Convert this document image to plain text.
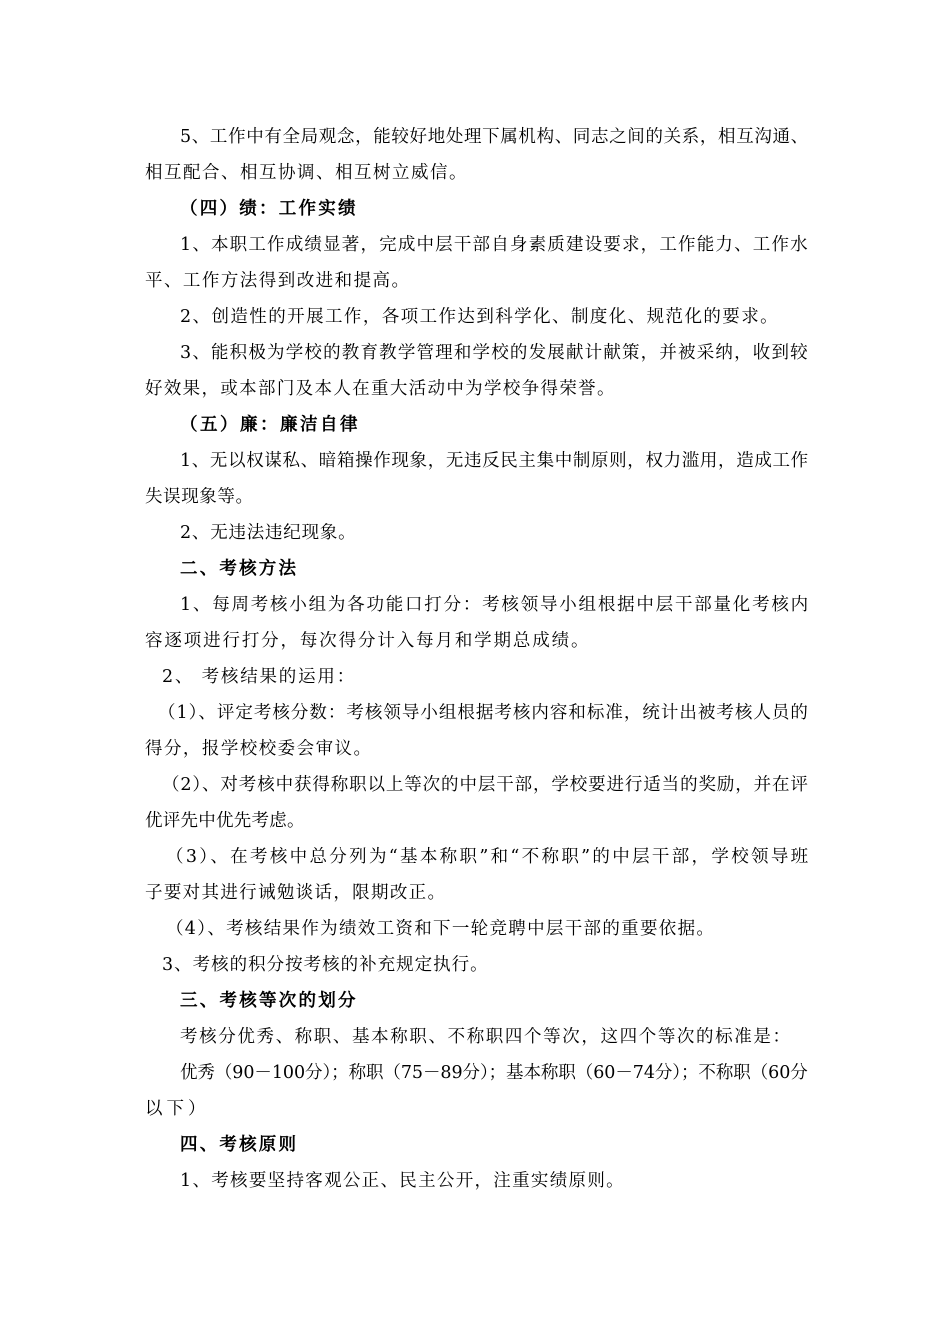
5、工作中有全局观念，能较好地处理下属机构、同志之间的关系，相互沟通、
相互配合、相互协调、相互树立威信。
（四）绩：工作实绩
1、本职工作成绩显著，完成中层干部自身素质建设要求，工作能力、工作水
平、工作方法得到改进和提高。
2、创造性的开展工作，各项工作达到科学化、制度化、规范化的要求。
3、能积极为学校的教育教学管理和学校的发展献计献策，并被采纳，收到较
好效果，或本部门及本人在重大活动中为学校争得荣誉。
（五）廉：廉洁自律
1、无以权谋私、暗箱操作现象，无违反民主集中制原则，权力滥用，造成工作
失误现象等。
2、无违法违纪现象。
二、考核方法
1、每周考核小组为各功能口打分：考核领导小组根据中层干部量化考核内
容逐项进行打分，每次得分计入每月和学期总成绩。
2、 考核结果的运用：
（1）、评定考核分数：考核领导小组根据考核内容和标准，统计出被考核人员的
得分，报学校校委会审议。
（2）、对考核中获得称职以上等次的中层干部，学校要进行适当的奖励，并在评
优评先中优先考虑。
（3）、在考核中总分列为“基本称职”和“不称职”的中层干部，学校领导班
子要对其进行诫勉谈话，限期改正。
（4）、考核结果作为绩效工资和下一轮竞聘中层干部的重要依据。
3、考核的积分按考核的补充规定执行。
三、考核等次的划分
考核分优秀、称职、基本称职、不称职四个等次，这四个等次的标准是：
优秀（90－100分）；称职（75－89分）；基本称职（60－74分）；不称职（60分
以下）
四、考核原则
1、考核要坚持客观公正、民主公开，注重实绩原则。
